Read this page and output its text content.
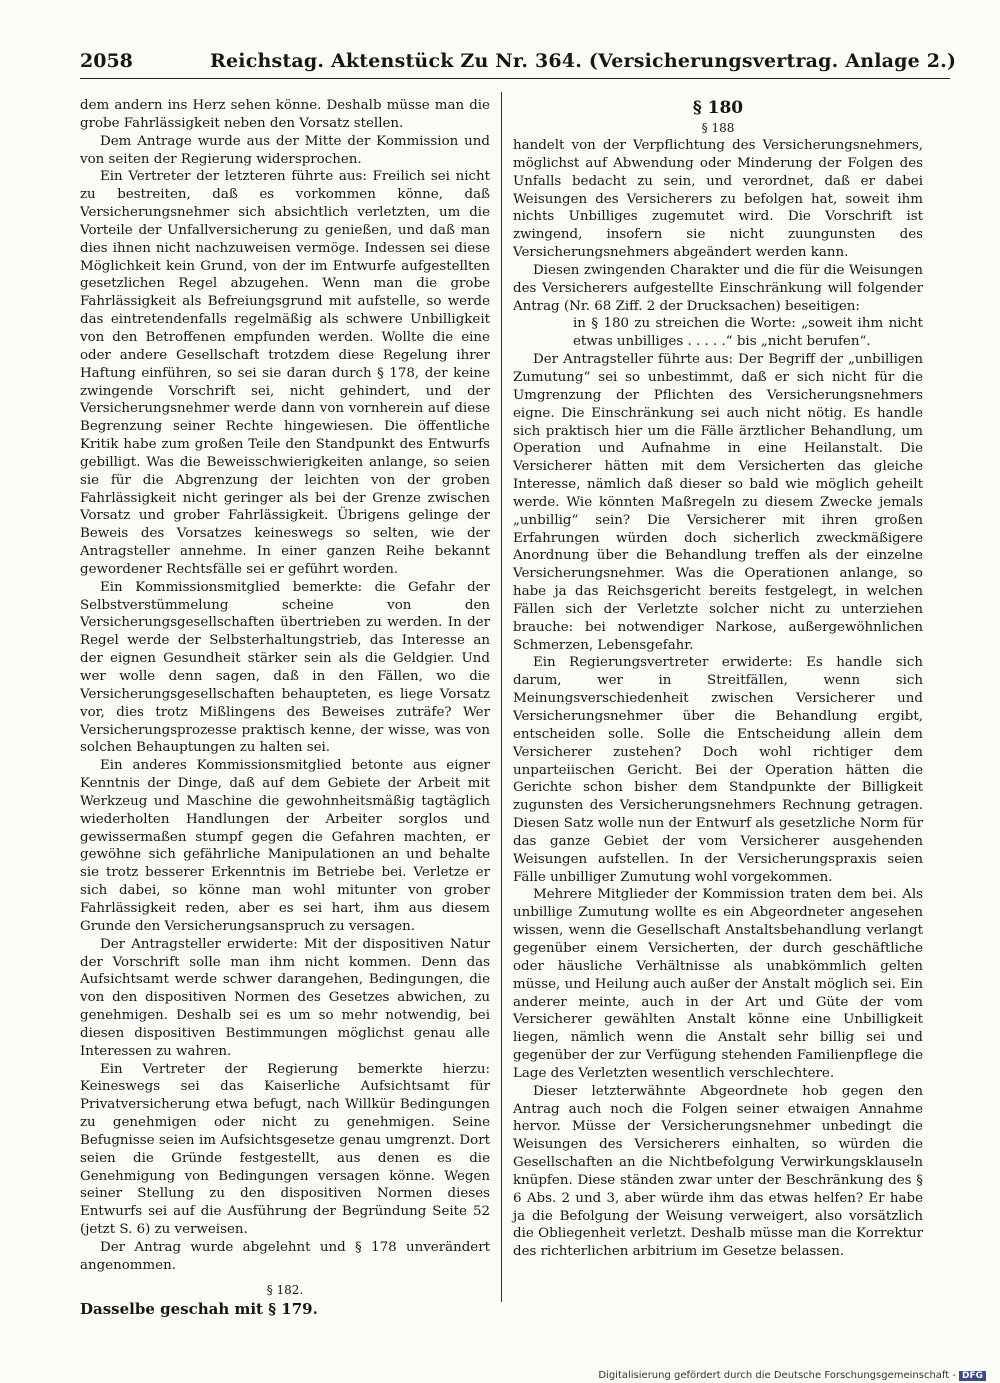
2058	Reichstag. Aktenstück Zu Nr. 364. (Versicherungsvertrag. Anlage 2.)

dem andern ins Herz sehen könne. Deshalb müsse man die grobe Fahrlässigkeit neben den Vorsatz stellen.

Dem Antrage wurde aus der Mitte der Kommission und von seiten der Regierung widersprochen.

Ein Vertreter der letzteren führte aus: Freilich sei nicht zu bestreiten, daß es vorkommen könne, daß Versicherungsnehmer sich absichtlich verletzten, um die Vorteile der Unfallversicherung zu genießen, und daß man dies ihnen nicht nachzuweisen vermöge. Indessen sei diese Möglichkeit kein Grund, von der im Entwurfe aufgestellten gesetzlichen Regel abzugehen. Wenn man die grobe Fahrlässigkeit als Befreiungsgrund mit aufstelle, so werde das eintretendenfalls regelmäßig als schwere Unbilligkeit von den Betroffenen empfunden werden. Wollte die eine oder andere Gesellschaft trotzdem diese Regelung ihrer Haftung einführen, so sei sie daran durch § 178, der keine zwingende Vorschrift sei, nicht gehindert, und der Versicherungsnehmer werde dann von vornherein auf diese Begrenzung seiner Rechte hingewiesen. Die öffentliche Kritik habe zum großen Teile den Standpunkt des Entwurfs gebilligt. Was die Beweisschwierigkeiten anlange, so seien sie für die Abgrenzung der leichten von der groben Fahrlässigkeit nicht geringer als bei der Grenze zwischen Vorsatz und grober Fahrlässigkeit. Übrigens gelinge der Beweis des Vorsatzes keineswegs so selten, wie der Antragsteller annehme. In einer ganzen Reihe bekannt gewordener Rechtsfälle sei er geführt worden.

Ein Kommissionsmitglied bemerkte: die Gefahr der Selbstverstümmelung scheine von den Versicherungsgesellschaften übertrieben zu werden. In der Regel werde der Selbsterhaltungstrieb, das Interesse an der eignen Gesundheit stärker sein als die Geldgier. Und wer wolle denn sagen, daß in den Fällen, wo die Versicherungsgesellschaften behaupteten, es liege Vorsatz vor, dies trotz Mißlingens des Beweises zuträfe? Wer Versicherungsprozesse praktisch kenne, der wisse, was von solchen Behauptungen zu halten sei.

Ein anderes Kommissionsmitglied betonte aus eigner Kenntnis der Dinge, daß auf dem Gebiete der Arbeit mit Werkzeug und Maschine die gewohnheitsmäßig tagtäglich wiederholten Handlungen der Arbeiter sorglos und gewissermaßen stumpf gegen die Gefahren machten, er gewöhne sich gefährliche Manipulationen an und behalte sie trotz besserer Erkenntnis im Betriebe bei. Verletze er sich dabei, so könne man wohl mitunter von grober Fahrlässigkeit reden, aber es sei hart, ihm aus diesem Grunde den Versicherungsanspruch zu versagen.

Der Antragsteller erwiderte: Mit der dispositiven Natur der Vorschrift solle man ihm nicht kommen. Denn das Aufsichtsamt werde schwer darangehen, Bedingungen, die von den dispositiven Normen des Gesetzes abwichen, zu genehmigen. Deshalb sei es um so mehr notwendig, bei diesen dispositiven Bestimmungen möglichst genau alle Interessen zu wahren.

Ein Vertreter der Regierung bemerkte hierzu: Keineswegs sei das Kaiserliche Aufsichtsamt für Privatversicherung etwa befugt, nach Willkür Bedingungen zu genehmigen oder nicht zu genehmigen. Seine Befugnisse seien im Aufsichtsgesetze genau umgrenzt. Dort seien die Gründe festgestellt, aus denen es die Genehmigung von Bedingungen versagen könne. Wegen seiner Stellung zu den dispositiven Normen dieses Entwurfs sei auf die Ausführung der Begründung Seite 52 (jetzt S. 6) zu verweisen.

Der Antrag wurde abgelehnt und § 178 unverändert angenommen.

§ 182.

Dasselbe geschah mit § 179.

§ 180

§ 188

handelt von der Verpflichtung des Versicherungsnehmers, möglichst auf Abwendung oder Minderung der Folgen des Unfalls bedacht zu sein, und verordnet, daß er dabei Weisungen des Versicherers zu befolgen hat, soweit ihm nichts Unbilliges zugemutet wird. Die Vorschrift ist zwingend, insofern sie nicht zuungunsten des Versicherungsnehmers abgeändert werden kann.

Diesen zwingenden Charakter und die für die Weisungen des Versicherers aufgestellte Einschränkung will folgender Antrag (Nr. 68 Ziff. 2 der Drucksachen) beseitigen:

in § 180 zu streichen die Worte: „soweit ihm nicht etwas unbilliges . . . . .“ bis „nicht berufen“.

Der Antragsteller führte aus: Der Begriff der „unbilligen Zumutung“ sei so unbestimmt, daß er sich nicht für die Umgrenzung der Pflichten des Versicherungsnehmers eigne. Die Einschränkung sei auch nicht nötig. Es handle sich praktisch hier um die Fälle ärztlicher Behandlung, um Operation und Aufnahme in eine Heilanstalt. Die Versicherer hätten mit dem Versicherten das gleiche Interesse, nämlich daß dieser so bald wie möglich geheilt werde. Wie könnten Maßregeln zu diesem Zwecke jemals „unbillig“ sein? Die Versicherer mit ihren großen Erfahrungen würden doch sicherlich zweckmäßigere Anordnung über die Behandlung treffen als der einzelne Versicherungsnehmer. Was die Operationen anlange, so habe ja das Reichsgericht bereits festgelegt, in welchen Fällen sich der Verletzte solcher nicht zu unterziehen brauche: bei notwendiger Narkose, außergewöhnlichen Schmerzen, Lebensgefahr.

Ein Regierungsvertreter erwiderte: Es handle sich darum, wer in Streitfällen, wenn sich Meinungsverschiedenheit zwischen Versicherer und Versicherungsnehmer über die Behandlung ergibt, entscheiden solle. Solle die Entscheidung allein dem Versicherer zustehen? Doch wohl richtiger dem unparteiischen Gericht. Bei der Operation hätten die Gerichte schon bisher dem Standpunkte der Billigkeit zugunsten des Versicherungsnehmers Rechnung getragen. Diesen Satz wolle nun der Entwurf als gesetzliche Norm für das ganze Gebiet der vom Versicherer ausgehenden Weisungen aufstellen. In der Versicherungspraxis seien Fälle unbilliger Zumutung wohl vorgekommen.

Mehrere Mitglieder der Kommission traten dem bei. Als unbillige Zumutung wollte es ein Abgeordneter angesehen wissen, wenn die Gesellschaft Anstaltsbehandlung verlangt gegenüber einem Versicherten, der durch geschäftliche oder häusliche Verhältnisse als unabkömmlich gelten müsse, und Heilung auch außer der Anstalt möglich sei. Ein anderer meinte, auch in der Art und Güte der vom Versicherer gewählten Anstalt könne eine Unbilligkeit liegen, nämlich wenn die Anstalt sehr billig sei und gegenüber der zur Verfügung stehenden Familienpflege die Lage des Verletzten wesentlich verschlechtere.

Dieser letzterwähnte Abgeordnete hob gegen den Antrag auch noch die Folgen seiner etwaigen Annahme hervor. Müsse der Versicherungsnehmer unbedingt die Weisungen des Versicherers einhalten, so würden die Gesellschaften an die Nichtbefolgung Verwirkungsklauseln knüpfen. Diese ständen zwar unter der Beschränkung des § 6 Abs. 2 und 3, aber würde ihm das etwas helfen? Er habe ja die Befolgung der Weisung verweigert, also vorsätzlich die Obliegenheit verletzt. Deshalb müsse man die Korrektur des richterlichen arbitrium im Gesetze belassen.

Digitalisierung gefördert durch die Deutsche Forschungsgemeinschaft - DFG
